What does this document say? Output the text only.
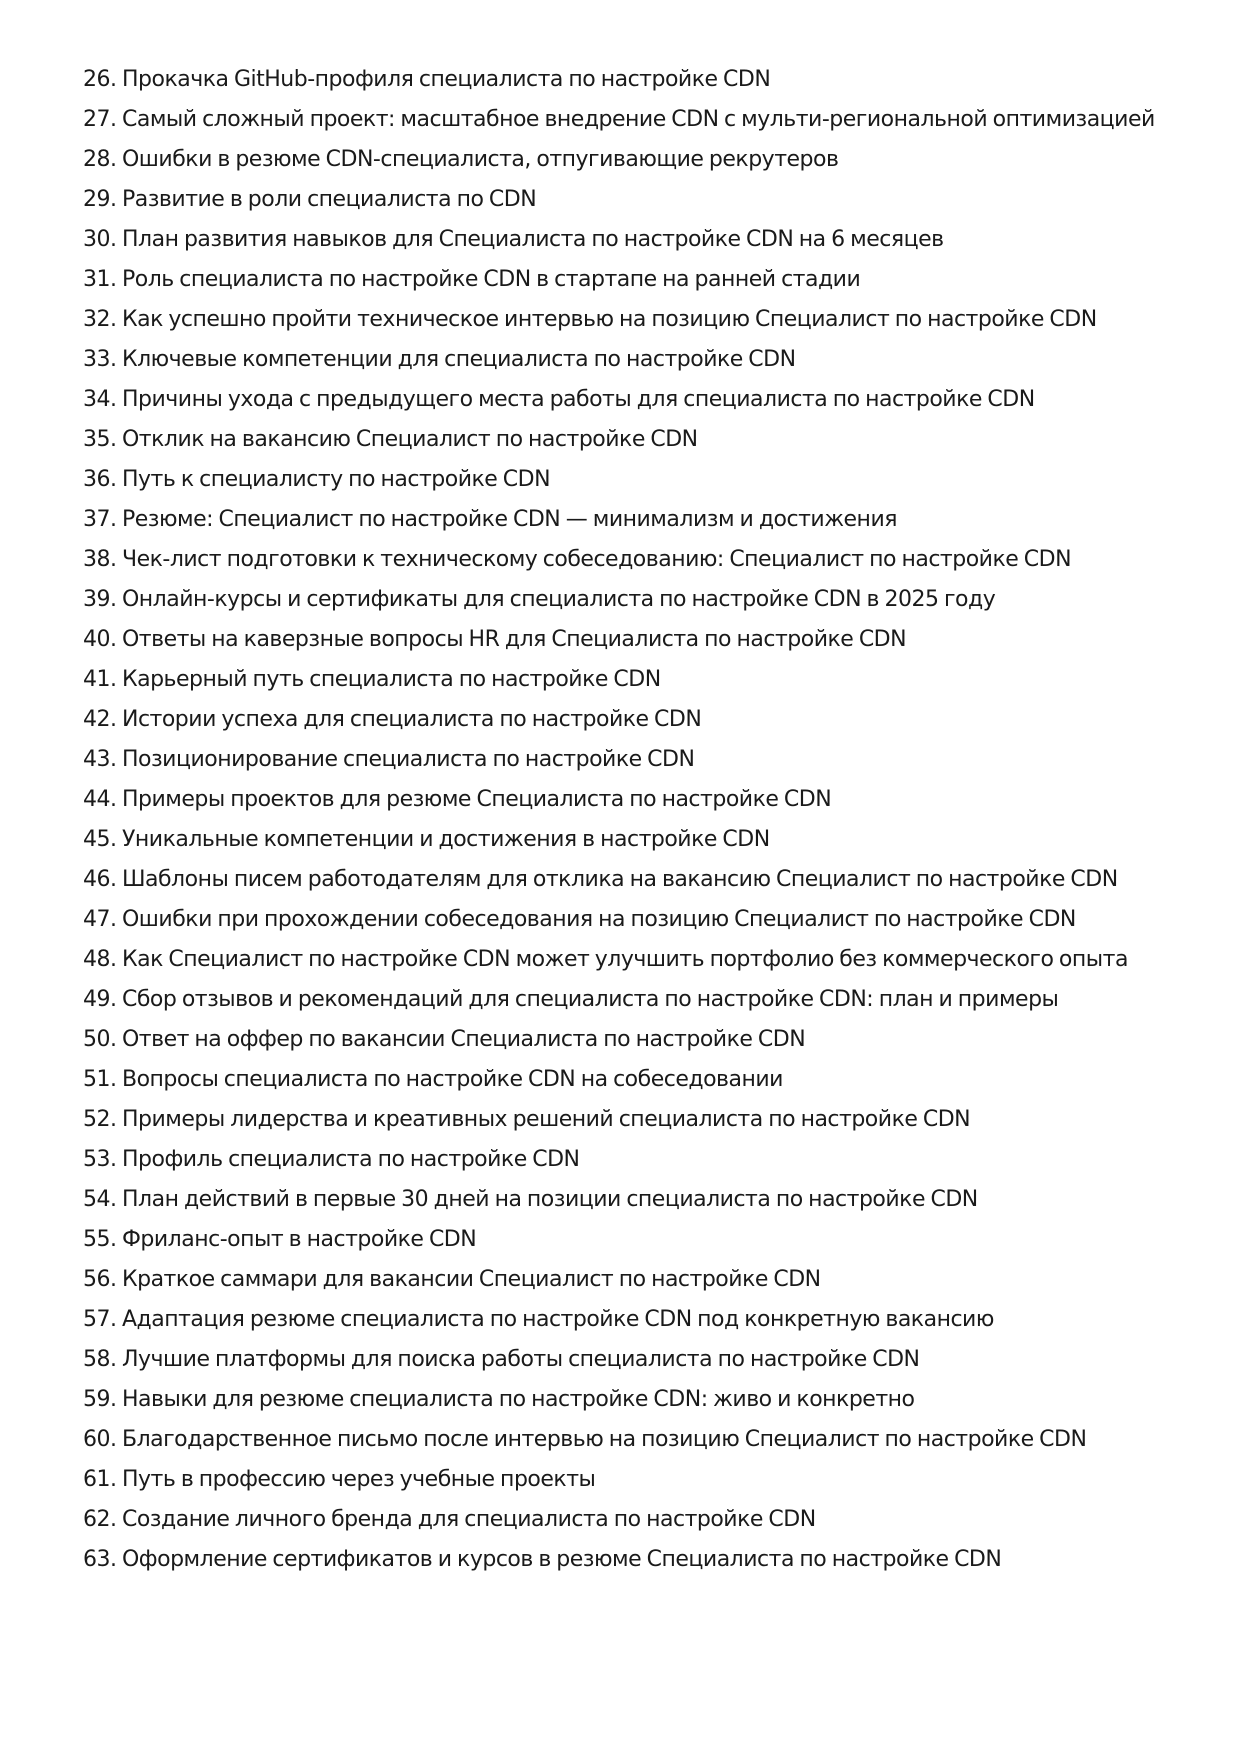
26. Прокачка GitHub-профиля специалиста по настройке CDN
27. Самый сложный проект: масштабное внедрение CDN с мульти-региональной оптимизацией
28. Ошибки в резюме CDN-специалиста, отпугивающие рекрутеров
29. Развитие в роли специалиста по CDN
30. План развития навыков для Специалиста по настройке CDN на 6 месяцев
31. Роль специалиста по настройке CDN в стартапе на ранней стадии
32. Как успешно пройти техническое интервью на позицию Специалист по настройке CDN
33. Ключевые компетенции для специалиста по настройке CDN
34. Причины ухода с предыдущего места работы для специалиста по настройке CDN
35. Отклик на вакансию Специалист по настройке CDN
36. Путь к специалисту по настройке CDN
37. Резюме: Специалист по настройке CDN — минимализм и достижения
38. Чек-лист подготовки к техническому собеседованию: Специалист по настройке CDN
39. Онлайн-курсы и сертификаты для специалиста по настройке CDN в 2025 году
40. Ответы на каверзные вопросы HR для Специалиста по настройке CDN
41. Карьерный путь специалиста по настройке CDN
42. Истории успеха для специалиста по настройке CDN
43. Позиционирование специалиста по настройке CDN
44. Примеры проектов для резюме Специалиста по настройке CDN
45. Уникальные компетенции и достижения в настройке CDN
46. Шаблоны писем работодателям для отклика на вакансию Специалист по настройке CDN
47. Ошибки при прохождении собеседования на позицию Специалист по настройке CDN
48. Как Специалист по настройке CDN может улучшить портфолио без коммерческого опыта
49. Сбор отзывов и рекомендаций для специалиста по настройке CDN: план и примеры
50. Ответ на оффер по вакансии Специалиста по настройке CDN
51. Вопросы специалиста по настройке CDN на собеседовании
52. Примеры лидерства и креативных решений специалиста по настройке CDN
53. Профиль специалиста по настройке CDN
54. План действий в первые 30 дней на позиции специалиста по настройке CDN
55. Фриланс-опыт в настройке CDN
56. Краткое саммари для вакансии Специалист по настройке CDN
57. Адаптация резюме специалиста по настройке CDN под конкретную вакансию
58. Лучшие платформы для поиска работы специалиста по настройке CDN
59. Навыки для резюме специалиста по настройке CDN: живо и конкретно
60. Благодарственное письмо после интервью на позицию Специалист по настройке CDN
61. Путь в профессию через учебные проекты
62. Создание личного бренда для специалиста по настройке CDN
63. Оформление сертификатов и курсов в резюме Специалиста по настройке CDN
